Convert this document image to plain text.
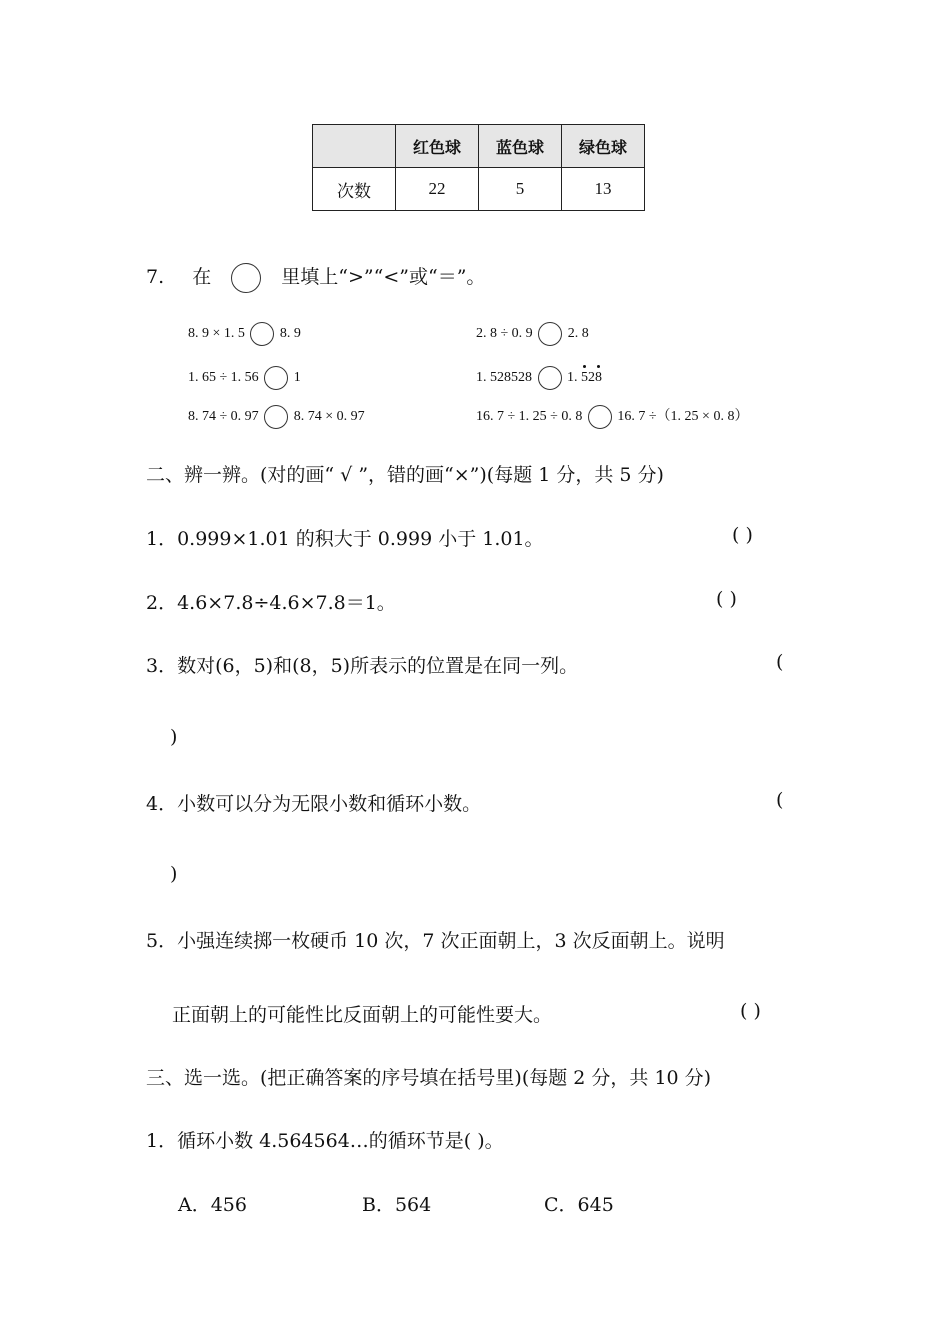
	红色球	蓝色球	绿色球
次数	22	5	13
7. 在	里填上“>”“<”或“＝”。
8. 9 × 1. 5	8. 9	2. 8 ÷ 0. 9	2. 8
1. 65 ÷ 1. 56	1	1. 528528	1. 528
8. 74 ÷ 0. 97	8. 74 × 0. 97	16. 7 ÷ 1. 25 ÷ 0. 8	16. 7 ÷（1. 25 × 0. 8）
二、辨一辨。(对的画“ √ ”，错的画“×”)(每题 1 分，共 5 分)
1．0.999×1.01 的积大于 0.999 小于 1.01。	( )
2．4.6×7.8÷4.6×7.8＝1。	( )
3．数对(6，5)和(8，5)所表示的位置是在同一列。	(
)
4．小数可以分为无限小数和循环小数。	(
)
5．小强连续掷一枚硬币 10 次，7 次正面朝上，3 次反面朝上。说明
正面朝上的可能性比反面朝上的可能性要大。	( )
三、选一选。(把正确答案的序号填在括号里)(每题 2 分，共 10 分)
1．循环小数 4.564564…的循环节是( )。
A．456	B．564	C．645
